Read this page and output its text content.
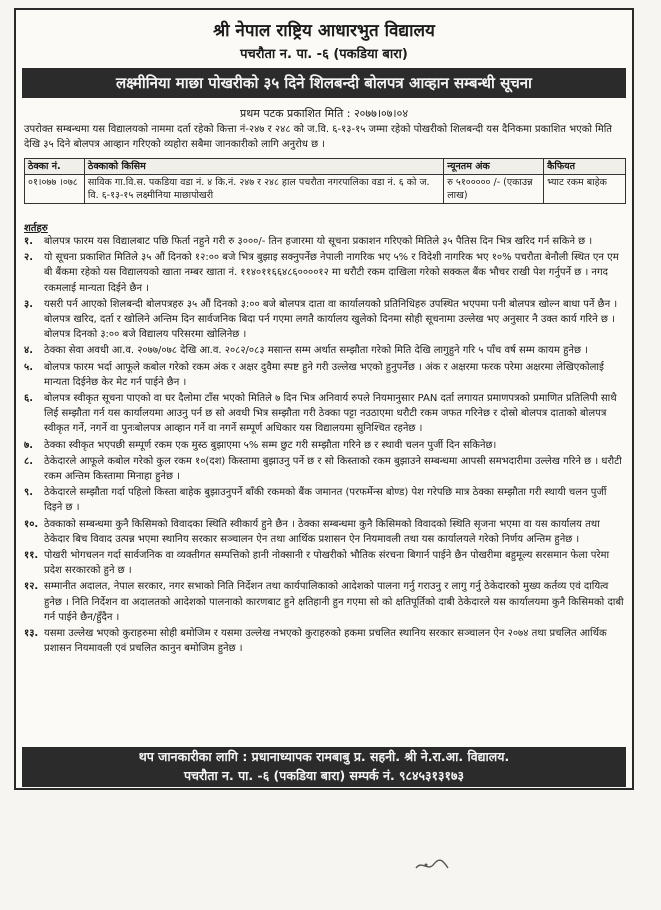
श्री नेपाल राष्ट्रिय आधारभुत विद्यालय
पचरौता न. पा. -६ (पकडिया बारा)
लक्ष्मीनिया माछा पोखरीको ३५ दिने शिलबन्दी बोलपत्र आव्हान सम्बन्धी सूचना
प्रथम पटक प्रकाशित मिति : २०७७।०७।०४
उपरोक्त सम्बन्धमा यस विद्यालयको नाममा दर्ता रहेको कित्ता नं-२४७ र २४८ को ज.वि. ६-१३-१५ जम्मा रहेको पोखरीको शिलबन्दी यस दैनिकमा प्रकाशित भएको मिति देखि ३५ दिने बोलपत्र आव्हान गरिएको व्यहोरा सबैमा जानकारीको लागि अनुरोध छ ।
ठेक्का नं.	ठेक्काको किसिम	न्यूनतम अंक	कैफियत
०१।०७७ ।०७८	साविक गा.वि.स. पकडिया वडा नं. ४ कि.नं. २४७ र २४८ हाल पचरौता नगरपालिका वडा नं. ६ को ज. वि. ६-१३-१५ लक्ष्मीनिया माछापोखरी	रु ५१००००० /- (एकाउन्न लाख)	भ्याट रकम बाहेक
शर्तहरु
१.	बोलपत्र फारम यस विद्यालबाट पछि फिर्ता नहुने गरी रु ३०००/- तिन हजारमा यो सूचना प्रकाशन गरिएको मितिले ३५ पैतिस दिन भित्र खरिद गर्न सकिने छ ।
२.	यो सूचना प्रकाशित मितिले ३५ औं दिनको १२:०० बजे भित्र बुझाइ सक्नुपर्नेछ नेपाली नागरिक भए ५% र विदेशी नागरिक भए १०% पचरौता बेनौली स्थित एन एम बी बैंकमा रहेको यस विद्यालयको खाता नम्बर खाता नं. ११४०११६६४८६००००१२ मा धरौटी रकम दाखिला गरेको सक्कल बैंक भौचर राखी पेश गर्नुपर्ने छ । नगद रकमलाई मान्यता दिईने छैन ।
३.	यसरी पर्न आएको शिलबन्दी बोलपत्रहरु ३५ औं दिनको ३:०० बजे बोलपत्र दाता वा कार्यालयको प्रतिनिधिहरु उपस्थित भएपमा पनी बोलपत्र खोल्न बाधा पर्ने छैन । बोलपत्र खरिद, दर्ता र खोलिने अन्तिम दिन सार्वजनिक बिदा पर्न गएमा लगतै कार्यालय खुलेको दिनमा सोही सूचनामा उल्लेख भए अनुसार नै उक्त कार्य गरिने छ । बोलपत्र दिनको ३:०० बजे विद्यालय परिसरमा खोलिनेछ ।
४.	ठेक्का सेवा अवधी आ.व. २०७७/०७८ देखि आ.व. २०८२/०८३ मसान्त सम्म अर्थात सम्झौता गरेको मिति देखि लागुहुने गरि ५ पाँच वर्ष सम्म कायम हुनेछ ।
५.	बोलपत्र फारम भर्दा आफूले कबोल गरेको रकम अंक र अक्षर दुवैमा स्पष्ट हुने गरी उल्लेख भएको हुनुपर्नेछ । अंक र अक्षरमा फरक परेमा अक्षरमा लेखिएकोलाई मान्यता दिईनेछ केर मेट गर्न पाईने छैन ।
६.	बोलपत्र स्वीकृत सूचना पाएको वा घर दैलोमा टाँस भएको मितिले ७ दिन भित्र अनिवार्य रुपले नियमानुसार PAN दर्ता लगायत प्रमाणपत्रको प्रमाणित प्रतिलिपी साथै लिई सम्झौता गर्न यस कार्यालयमा आउनु पर्न छ सो अवधी भित्र सम्झौता गरी ठेक्का पट्टा नउठाएमा धरौटी रकम जफत गरिनेछ र दोस्रो बोलपत्र दाताको बोलपत्र स्वीकृत गर्ने, नगर्ने वा पुनःबोलपत्र आव्हान गर्ने वा नगर्ने सम्पूर्ण अधिकार यस विद्यालयमा सुनिश्चित रहनेछ ।
७.	ठेक्का स्वीकृत भएपछी सम्पूर्ण रकम एक मुस्ठ बुझाएमा ५% सम्म छुट गरी सम्झौता गरिने छ र स्थावी चलन पुर्जी दिन सकिनेछ।
८.	ठेकेदारले आफूले कबोल गरेको कुल रकम १०(दश) किस्तामा बुझाउनु पर्ने छ र सो किस्ताको रकम बुझाउने सम्बन्धमा आपसी समभदारीमा उल्लेख गरिने छ । धरौटी रकम अन्तिम किस्तामा मिनाहा हुनेछ ।
९.	ठेकेदारले सम्झौता गर्दा पहिलो किस्ता बाहेक बुझाउनुपर्ने बाँकी रकमको बैंक जमानत (परफर्मेन्स बोण्ड) पेश गरेपछि मात्र ठेक्का सम्झौता गरी स्थायी चलन पुर्जी दिइने छ ।
१०. ठेक्काको सम्बन्धमा कुनै किसिमको विवादका स्थिति स्वीकार्य हुने छैन । ठेक्का सम्बन्धमा कुनै किसिमको विवादको स्थिति सृजना भएमा वा यस कार्यालय तथा ठेकेदार बिच विवाद उत्पन्न भएमा स्थानिय सरकार सञ्चालन ऐन तथा आर्थिक प्रशासन ऐन नियमावली तथा यस कार्यालयले गरेको निर्णय अन्तिम हुनेछ ।
११. पोखरी भोगचलन गर्दा सार्वजनिक वा व्यक्तीगत सम्पत्तिको हानी नोक्सानी र पोखरीको भौतिक संरचना बिगार्न पाईने छैन पोखरीमा बहुमूल्य सरसमान फेला परेमा प्रदेश सरकारको हुने छ ।
१२. सम्मानीत अदालत, नेपाल सरकार, नगर सभाको निति निर्देशन तथा कार्यपालिकाको आदेशको पालना गर्नु गराउनु र लागु गर्नु ठेकेदारको मुख्य कर्तव्य एवं दायित्व हुनेछ । निति निर्देशन वा अदालतको आदेशको पालनाको कारणबाट हुने क्षतिहानी हुन गएमा सो को क्षतिपूर्तिको दाबी ठेकेदारले यस कार्यालयमा कुनै किसिमको दाबी गर्न पाईने छैन/हुँदैन ।
१३. यसमा उल्लेख भएको कुराहरुमा सोही बमोजिम र यसमा उल्लेख नभएको कुराहरुको हकमा प्रचलित स्थानिय सरकार सञ्चालन ऐन २०७४ तथा प्रचलित आर्थिक प्रशासन नियमावली एवं प्रचलित कानुन बमोजिम हुनेछ ।
थप जानकारीका लागि : प्रधानाध्यापक रामबाबु प्र. सहनी. श्री ने.रा.आ. विद्यालय.
पचरौता न. पा. -६ (पकडिया बारा) सम्पर्क नं. ९८४५३१३१७३
